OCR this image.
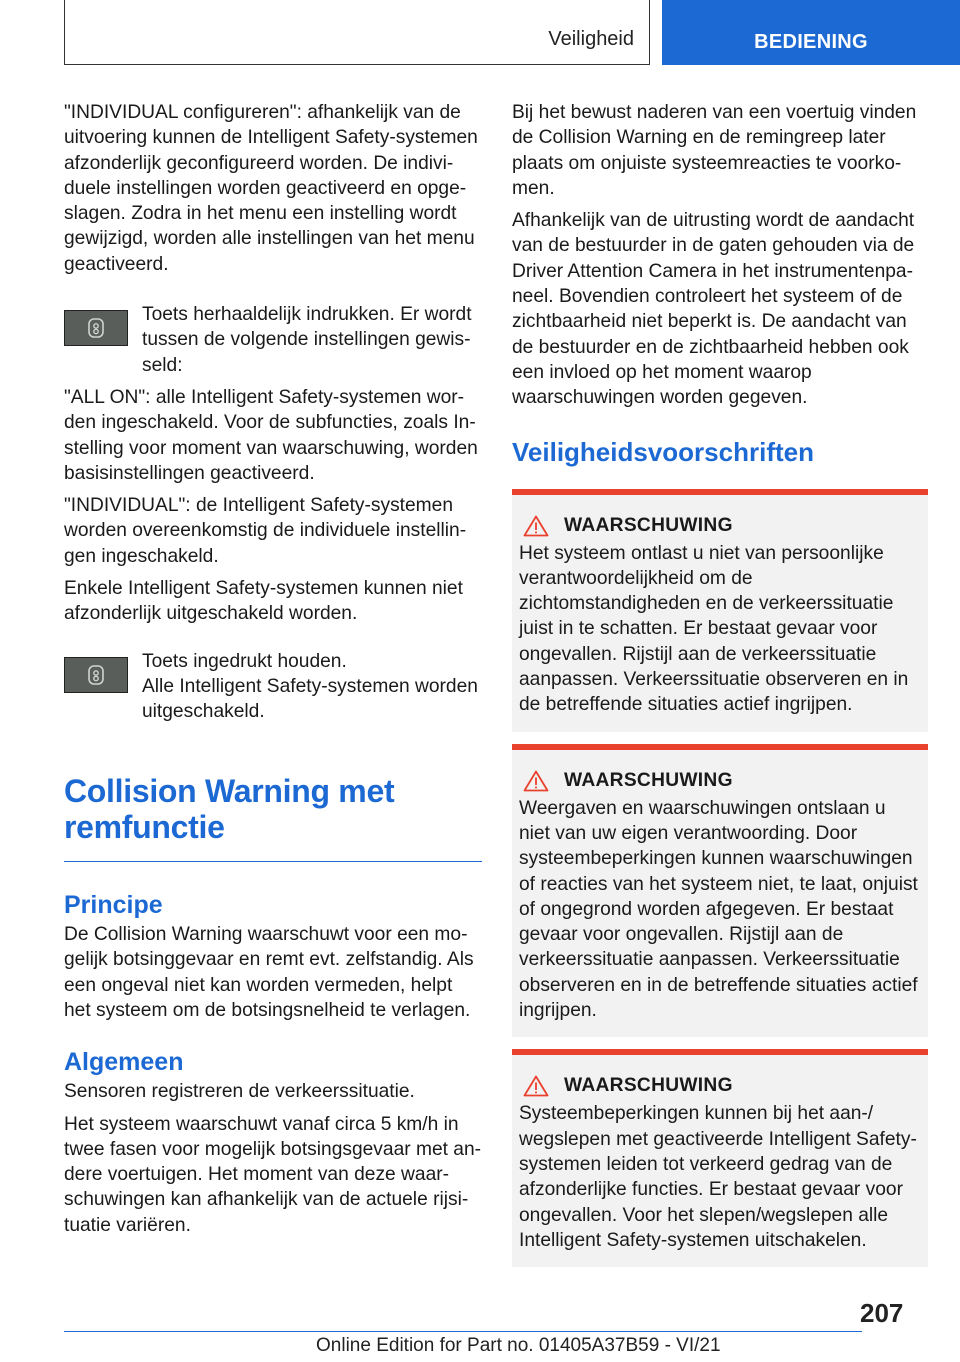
Veiligheid	BEDIENING

"INDIVIDUAL configureren": afhankelijk van de uitvoering kunnen de Intelligent Safety-systemen afzonderlijk geconfigureerd worden. De individuele instellingen worden geactiveerd en opgeslagen. Zodra in het menu een instelling wordt gewijzigd, worden alle instellingen van het menu geactiveerd.

Toets herhaaldelijk indrukken. Er wordt tussen de volgende instellingen gewisseld:

"ALL ON": alle Intelligent Safety-systemen worden ingeschakeld. Voor de subfuncties, zoals Instelling voor moment van waarschuwing, worden basisinstellingen geactiveerd.

"INDIVIDUAL": de Intelligent Safety-systemen worden overeenkomstig de individuele instellingen ingeschakeld.

Enkele Intelligent Safety-systemen kunnen niet afzonderlijk uitgeschakeld worden.

Toets ingedrukt houden.

Alle Intelligent Safety-systemen worden uitgeschakeld.

Collision Warning met remfunctie
Principe

De Collision Warning waarschuwt voor een mogelijk botsinggevaar en remt evt. zelfstandig. Als een ongeval niet kan worden vermeden, helpt het systeem om de botsingsnelheid te verlagen.

Algemeen

Sensoren registreren de verkeerssituatie.

Het systeem waarschuwt vanaf circa 5 km/h in twee fasen voor mogelijk botsingsgevaar met andere voertuigen. Het moment van deze waarschuwingen kan afhankelijk van de actuele rijsituatie variëren.

Bij het bewust naderen van een voertuig vinden de Collision Warning en de remingreep later plaats om onjuiste systeemreacties te voorkomen.

Afhankelijk van de uitrusting wordt de aandacht van de bestuurder in de gaten gehouden via de Driver Attention Camera in het instrumentenpaneel. Bovendien controleert het systeem of de zichtbaarheid niet beperkt is. De aandacht van de bestuurder en de zichtbaarheid hebben ook een invloed op het moment waarop waarschuwingen worden gegeven.

Veiligheidsvoorschriften
WAARSCHUWING

Het systeem ontlast u niet van persoonlijke verantwoordelijkheid om de zichtomstandigheden en de verkeerssituatie juist in te schatten. Er bestaat gevaar voor ongevallen. Rijstijl aan de verkeerssituatie aanpassen. Verkeerssituatie observeren en in de betreffende situaties actief ingrijpen.

WAARSCHUWING

Weergaven en waarschuwingen ontslaan u niet van uw eigen verantwoording. Door systeembeperkingen kunnen waarschuwingen of reacties van het systeem niet, te laat, onjuist of ongegrond worden afgegeven. Er bestaat gevaar voor ongevallen. Rijstijl aan de verkeerssituatie aanpassen. Verkeerssituatie observeren en in de betreffende situaties actief ingrijpen.

WAARSCHUWING

Systeembeperkingen kunnen bij het aan-/ wegslepen met geactiveerde Intelligent Safety-systemen leiden tot verkeerd gedrag van de afzonderlijke functies. Er bestaat gevaar voor ongevallen. Voor het slepen/wegslepen alle Intelligent Safety-systemen uitschakelen.

207
Online Edition for Part no. 01405A37B59 - VI/21
